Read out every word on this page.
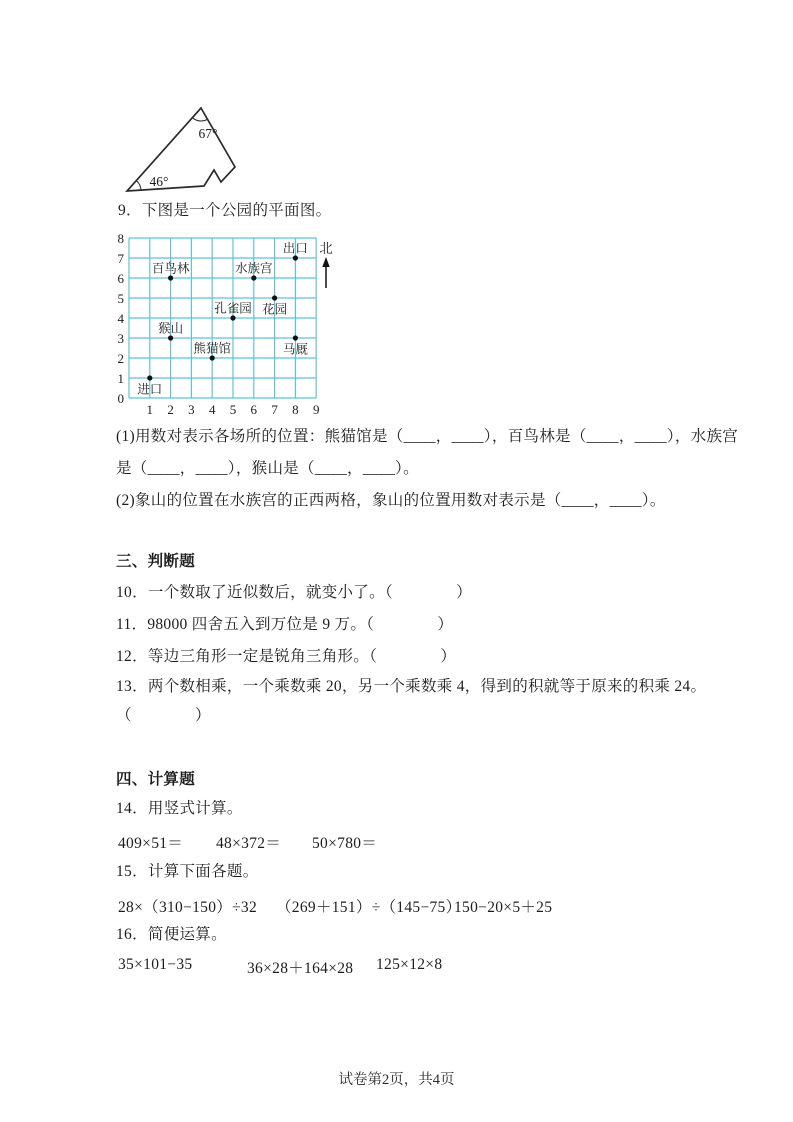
67°
46°
9．下图是一个公园的平面图。
0
1
2
3
4
5
6
7
8
1 2 3 4 5 6 7 8 9
出口
百鸟林	水族宫
花园
孔雀园
猴山
马厩
熊猫馆
进口
北
(1)用数对表示各场所的位置：熊猫馆是（____，____），百鸟林是（____，____），水族宫
是（____，____），猴山是（____，____）。
(2)象山的位置在水族宫的正西两格，象山的位置用数对表示是（____，____）。
三、判断题
10．一个数取了近似数后，就变小了。（　　　　）
11．98000 四舍五入到万位是 9 万。（　　　　）
12．等边三角形一定是锐角三角形。（　　　　）
13．两个数相乘，一个乘数乘 20，另一个乘数乘 4，得到的积就等于原来的积乘 24。
（　　　　）
四、计算题
14．用竖式计算。
409×51＝ 48×372＝ 50×780＝
15．计算下面各题。
28×（310−150）÷32 （269＋151）÷（145−75）
150−20×5＋25
16．简便运算。
35×101−35	36×28＋164×28 125×12×8
试卷第2页，共4页
